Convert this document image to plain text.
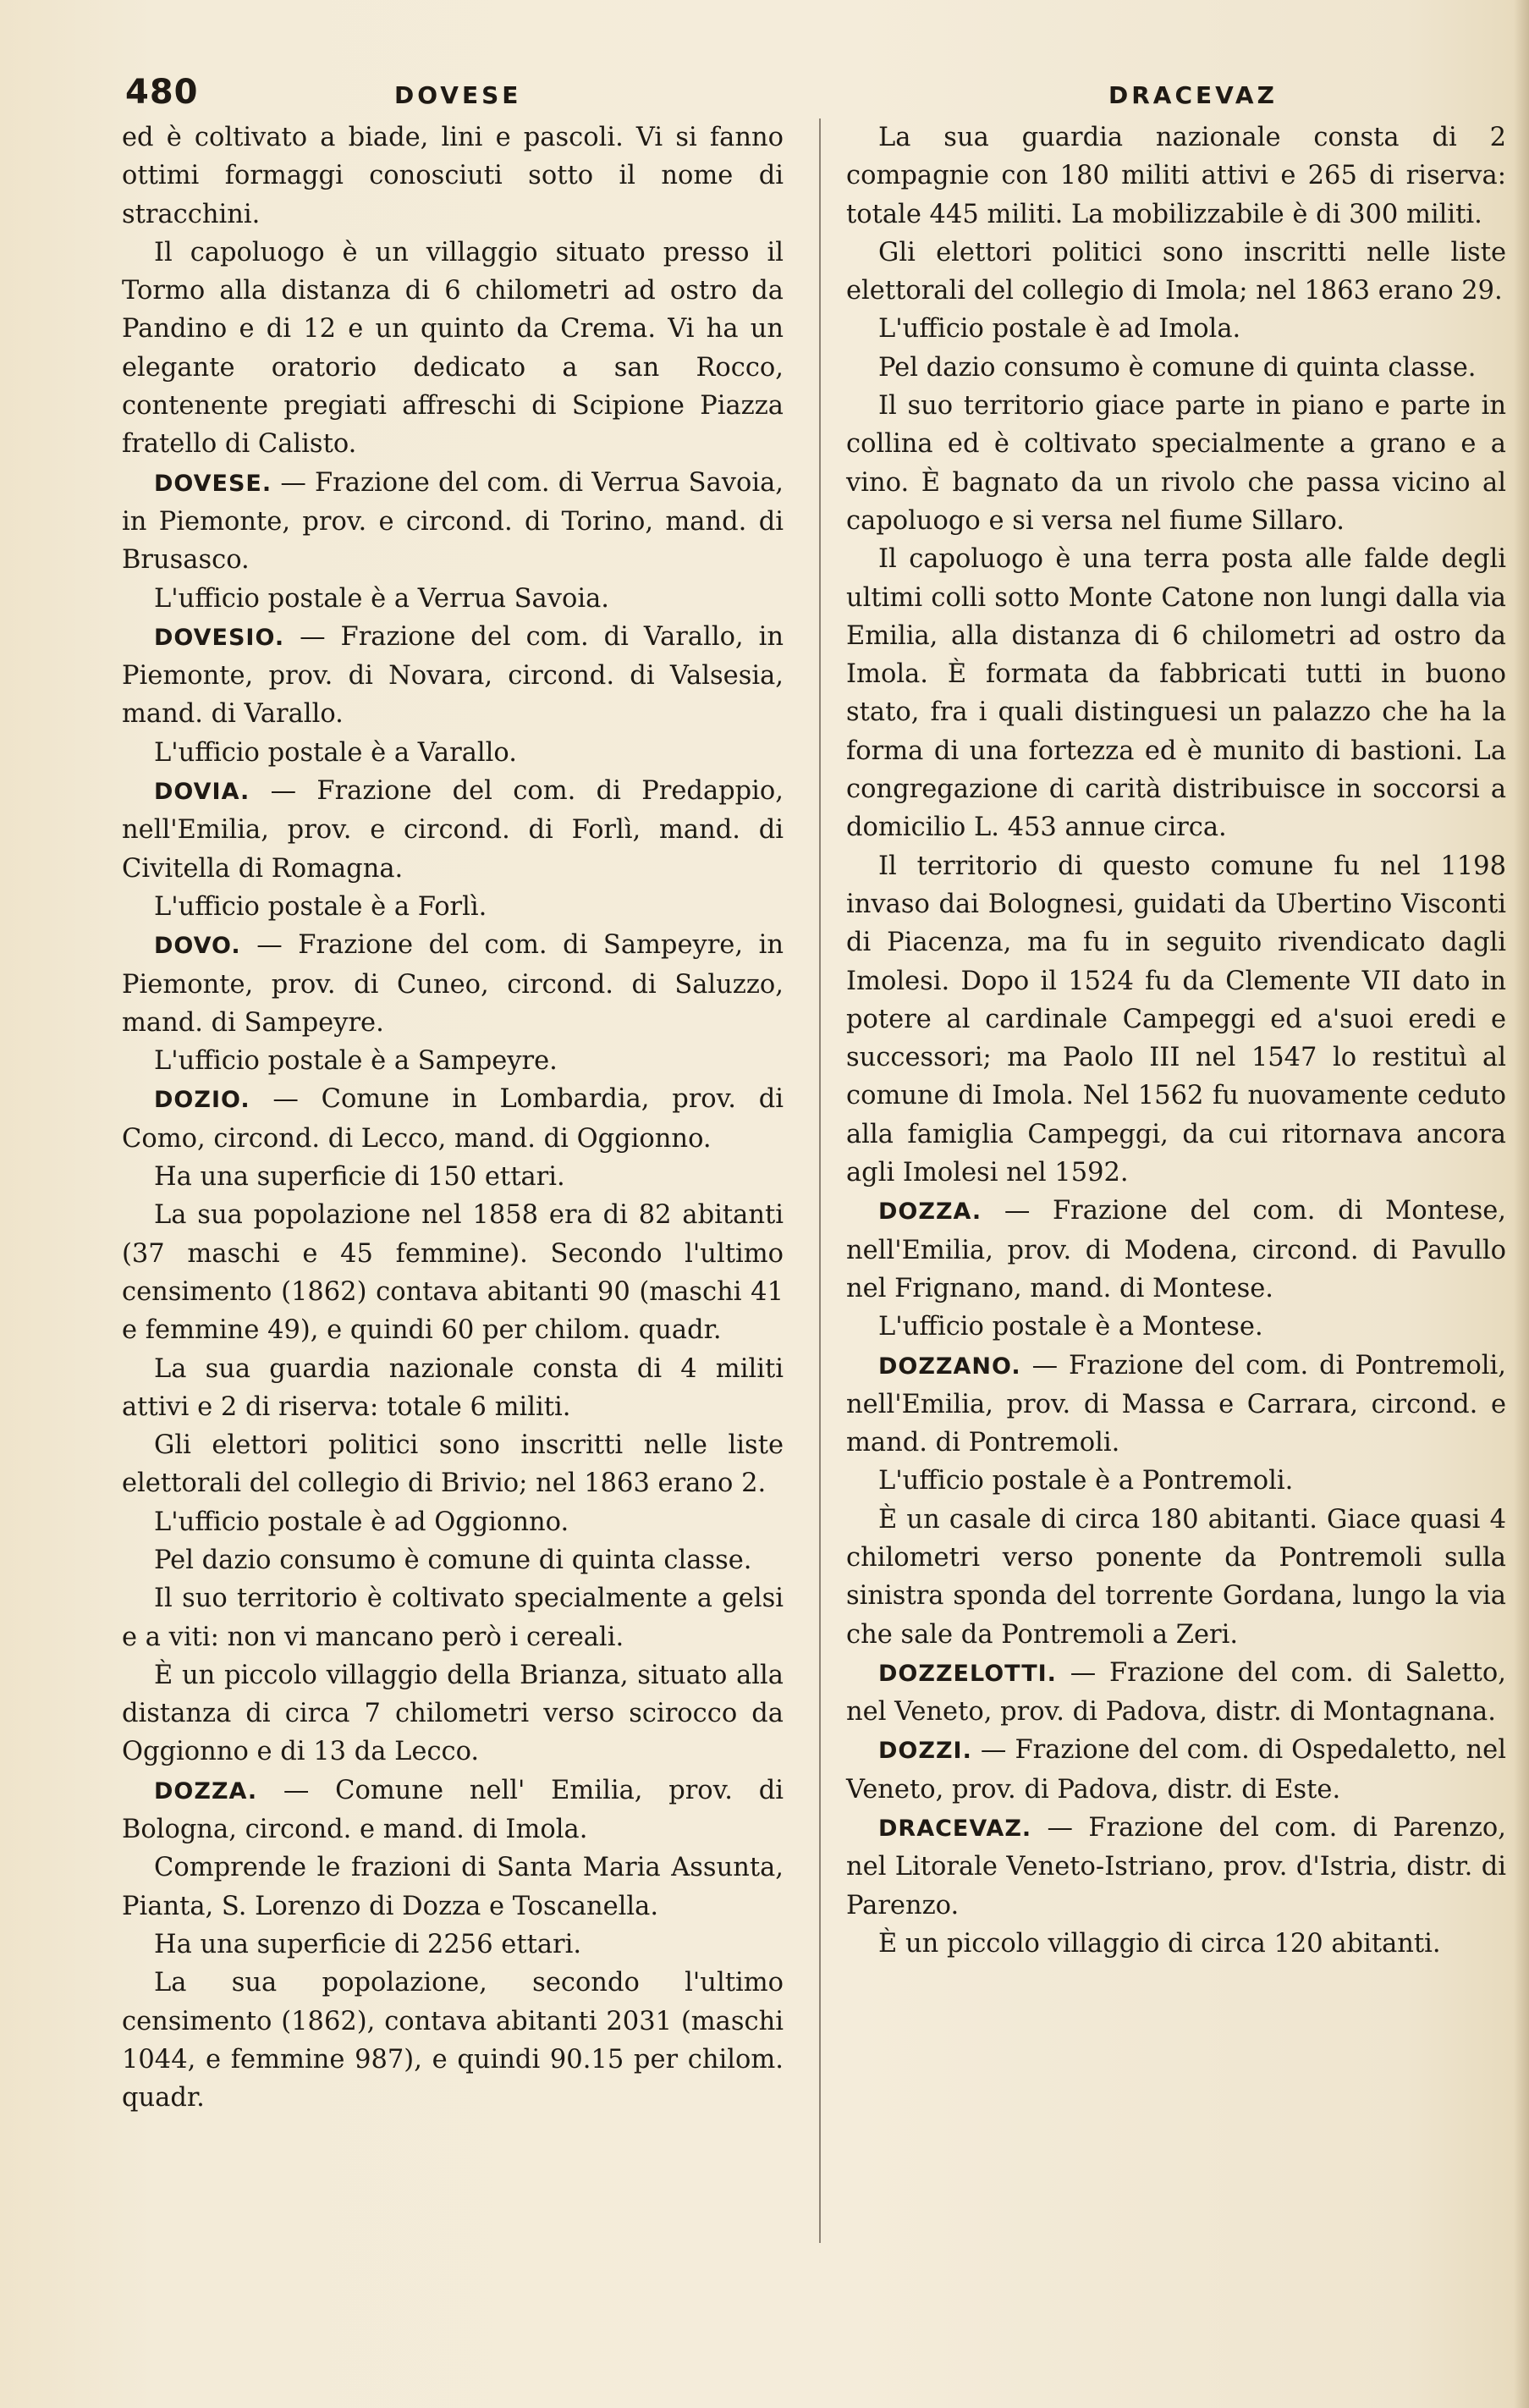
480	DOVESE	DRACEVAZ

ed è coltivato a biade, lini e pascoli. Vi si fanno ottimi formaggi conosciuti sotto il nome di stracchini.

Il capoluogo è un villaggio situato presso il Tormo alla distanza di 6 chilometri ad ostro da Pandino e di 12 e un quinto da Crema. Vi ha un elegante oratorio dedicato a san Rocco, contenente pregiati affreschi di Scipione Piazza fratello di Calisto.

DOVESE. — Frazione del com. di Verrua Savoia, in Piemonte, prov. e circond. di Torino, mand. di Brusasco.

L'ufficio postale è a Verrua Savoia.

DOVESIO. — Frazione del com. di Varallo, in Piemonte, prov. di Novara, circond. di Valsesia, mand. di Varallo.

L'ufficio postale è a Varallo.

DOVIA. — Frazione del com. di Predappio, nell'Emilia, prov. e circond. di Forlì, mand. di Civitella di Romagna.

L'ufficio postale è a Forlì.

DOVO. — Frazione del com. di Sampeyre, in Piemonte, prov. di Cuneo, circond. di Saluzzo, mand. di Sampeyre.

L'ufficio postale è a Sampeyre.

DOZIO. — Comune in Lombardia, prov. di Como, circond. di Lecco, mand. di Oggionno.

Ha una superficie di 150 ettari.

La sua popolazione nel 1858 era di 82 abitanti (37 maschi e 45 femmine). Secondo l'ultimo censimento (1862) contava abitanti 90 (maschi 41 e femmine 49), e quindi 60 per chilom. quadr.

La sua guardia nazionale consta di 4 militi attivi e 2 di riserva: totale 6 militi.

Gli elettori politici sono inscritti nelle liste elettorali del collegio di Brivio; nel 1863 erano 2.

L'ufficio postale è ad Oggionno.

Pel dazio consumo è comune di quinta classe.

Il suo territorio è coltivato specialmente a gelsi e a viti: non vi mancano però i cereali.

È un piccolo villaggio della Brianza, situato alla distanza di circa 7 chilometri verso scirocco da Oggionno e di 13 da Lecco.

DOZZA. — Comune nell' Emilia, prov. di Bologna, circond. e mand. di Imola.

Comprende le frazioni di Santa Maria Assunta, Pianta, S. Lorenzo di Dozza e Toscanella.

Ha una superficie di 2256 ettari.

La sua popolazione, secondo l'ultimo censimento (1862), contava abitanti 2031 (maschi 1044, e femmine 987), e quindi 90.15 per chilom. quadr.

La sua guardia nazionale consta di 2 compagnie con 180 militi attivi e 265 di riserva: totale 445 militi. La mobilizzabile è di 300 militi.

Gli elettori politici sono inscritti nelle liste elettorali del collegio di Imola; nel 1863 erano 29.

L'ufficio postale è ad Imola.

Pel dazio consumo è comune di quinta classe.

Il suo territorio giace parte in piano e parte in collina ed è coltivato specialmente a grano e a vino. È bagnato da un rivolo che passa vicino al capoluogo e si versa nel fiume Sillaro.

Il capoluogo è una terra posta alle falde degli ultimi colli sotto Monte Catone non lungi dalla via Emilia, alla distanza di 6 chilometri ad ostro da Imola. È formata da fabbricati tutti in buono stato, fra i quali distinguesi un palazzo che ha la forma di una fortezza ed è munito di bastioni. La congregazione di carità distribuisce in soccorsi a domicilio L. 453 annue circa.

Il territorio di questo comune fu nel 1198 invaso dai Bolognesi, guidati da Ubertino Visconti di Piacenza, ma fu in seguito rivendicato dagli Imolesi. Dopo il 1524 fu da Clemente VII dato in potere al cardinale Campeggi ed a'suoi eredi e successori; ma Paolo III nel 1547 lo restituì al comune di Imola. Nel 1562 fu nuovamente ceduto alla famiglia Campeggi, da cui ritornava ancora agli Imolesi nel 1592.

DOZZA. — Frazione del com. di Montese, nell'Emilia, prov. di Modena, circond. di Pavullo nel Frignano, mand. di Montese.

L'ufficio postale è a Montese.

DOZZANO. — Frazione del com. di Pontremoli, nell'Emilia, prov. di Massa e Carrara, circond. e mand. di Pontremoli.

L'ufficio postale è a Pontremoli.

È un casale di circa 180 abitanti. Giace quasi 4 chilometri verso ponente da Pontremoli sulla sinistra sponda del torrente Gordana, lungo la via che sale da Pontremoli a Zeri.

DOZZELOTTI. — Frazione del com. di Saletto, nel Veneto, prov. di Padova, distr. di Montagnana.

DOZZI. — Frazione del com. di Ospedaletto, nel Veneto, prov. di Padova, distr. di Este.

DRACEVAZ. — Frazione del com. di Parenzo, nel Litorale Veneto-Istriano, prov. d'Istria, distr. di Parenzo.

È un piccolo villaggio di circa 120 abitanti.
